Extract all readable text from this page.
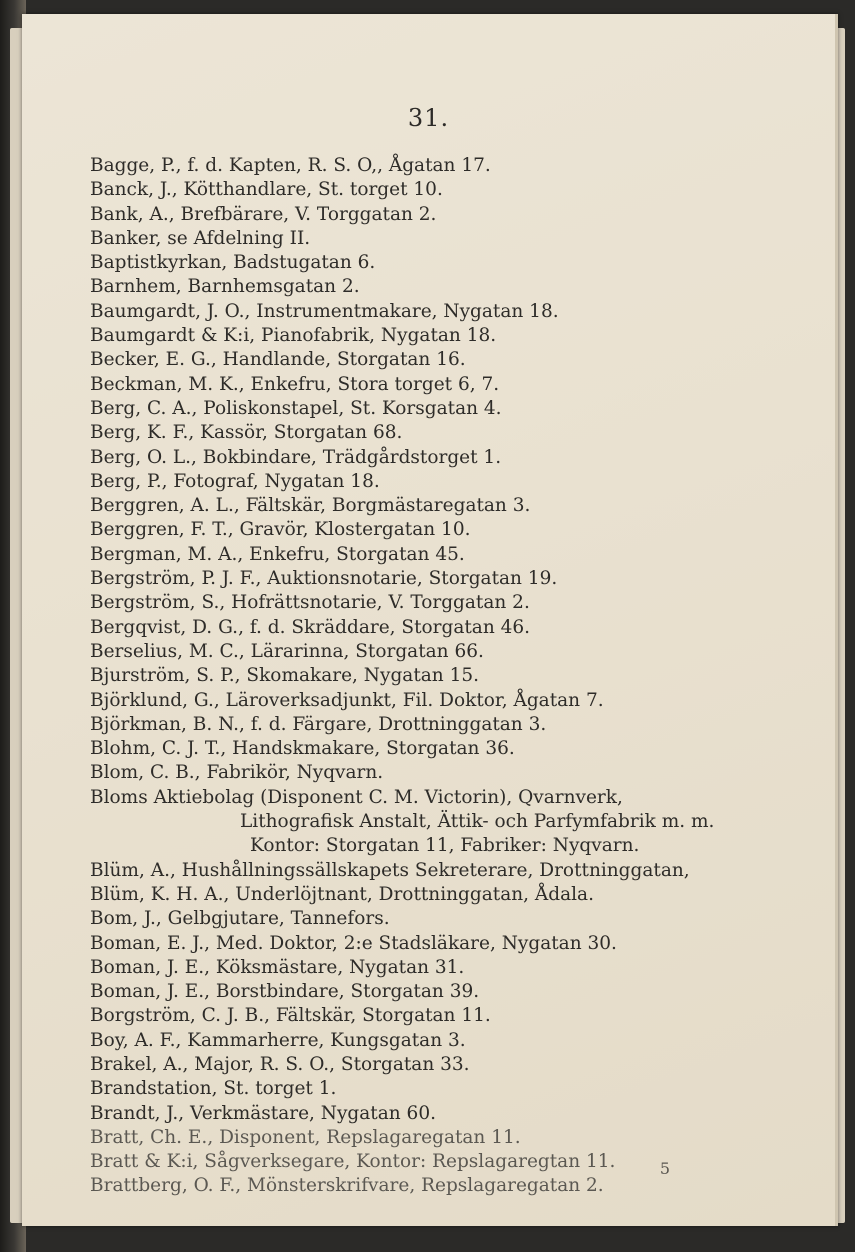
31.
Bagge, P., f. d. Kapten, R. S. O,, Ågatan 17.
Banck, J., Kötthandlare, St. torget 10.
Bank, A., Brefbärare, V. Torggatan 2.
Banker, se Afdelning II.
Baptistkyrkan, Badstugatan 6.
Barnhem, Barnhemsgatan 2.
Baumgardt, J. O., Instrumentmakare, Nygatan 18.
Baumgardt & K:i, Pianofabrik, Nygatan 18.
Becker, E. G., Handlande, Storgatan 16.
Beckman, M. K., Enkefru, Stora torget 6, 7.
Berg, C. A., Poliskonstapel, St. Korsgatan 4.
Berg, K. F., Kassör, Storgatan 68.
Berg, O. L., Bokbindare, Trädgårdstorget 1.
Berg, P., Fotograf, Nygatan 18.
Berggren, A. L., Fältskär, Borgmästaregatan 3.
Berggren, F. T., Gravör, Klostergatan 10.
Bergman, M. A., Enkefru, Storgatan 45.
Bergström, P. J. F., Auktionsnotarie, Storgatan 19.
Bergström, S., Hofrättsnotarie, V. Torggatan 2.
Bergqvist, D. G., f. d. Skräddare, Storgatan 46.
Berselius, M. C., Lärarinna, Storgatan 66.
Bjurström, S. P., Skomakare, Nygatan 15.
Björklund, G., Läroverksadjunkt, Fil. Doktor, Ågatan 7.
Björkman, B. N., f. d. Färgare, Drottninggatan 3.
Blohm, C. J. T., Handskmakare, Storgatan 36.
Blom, C. B., Fabrikör, Nyqvarn.
Bloms Aktiebolag (Disponent C. M. Victorin), Qvarnverk,
Lithografisk Anstalt, Ättik- och Parfymfabrik m. m.
Kontor: Storgatan 11, Fabriker: Nyqvarn.
Blüm, A., Hushållningssällskapets Sekreterare, Drottninggatan,
Blüm, K. H. A., Underlöjtnant, Drottninggatan, Ådala.
Bom, J., Gelbgjutare, Tannefors.
Boman, E. J., Med. Doktor, 2:e Stadsläkare, Nygatan 30.
Boman, J. E., Köksmästare, Nygatan 31.
Boman, J. E., Borstbindare, Storgatan 39.
Borgström, C. J. B., Fältskär, Storgatan 11.
Boy, A. F., Kammarherre, Kungsgatan 3.
Brakel, A., Major, R. S. O., Storgatan 33.
Brandstation, St. torget 1.
Brandt, J., Verkmästare, Nygatan 60.
Bratt, Ch. E., Disponent, Repslagaregatan 11.
Bratt & K:i, Sågverksegare, Kontor: Repslagaregtan 11.
Brattberg, O. F., Mönsterskrifvare, Repslagaregatan 2.
5
